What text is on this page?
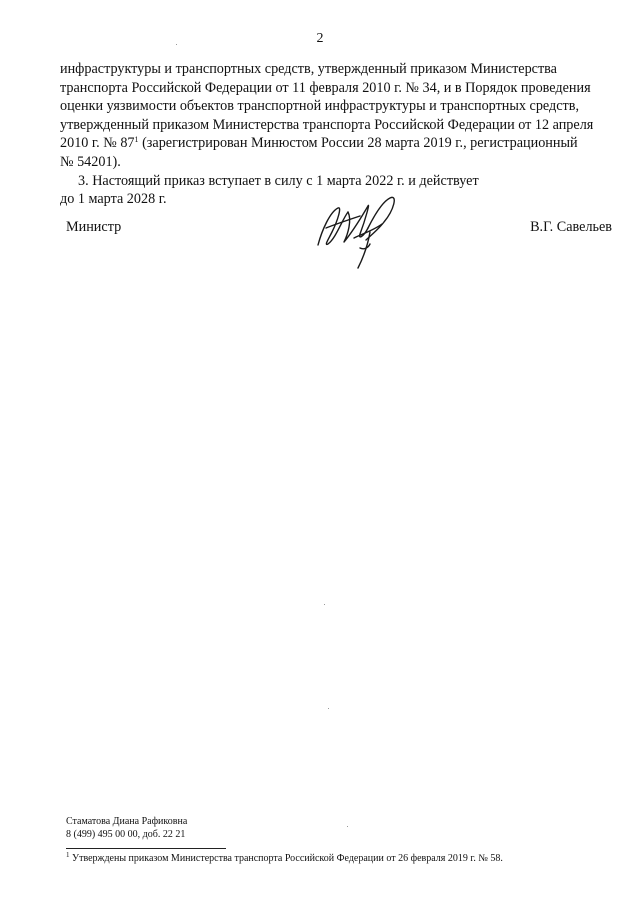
2

инфраструктуры и транспортных средств, утвержденный приказом Министерства
транспорта Российской Федерации от 11 февраля 2010 г. № 34, и в Порядок проведения
оценки уязвимости объектов транспортной инфраструктуры и транспортных средств,
утвержденный приказом Министерства транспорта Российской Федерации от 12 апреля
2010 г. № $87^1$ (зарегистрирован Минюстом России 28 марта 2019 г., регистрационный
№ 54201).

3. Настоящий приказ вступает в силу с 1 марта 2022 г. и действует

до 1 марта 2028 г.

Министр	В.Г. Савельев
Стаматова Диана Рафиковна
8 (499) 495 00 00, доб. 22 21
$^1$ Утверждены приказом Министерства транспорта Российской Федерации от 26 февраля 2019 г. № 58.
